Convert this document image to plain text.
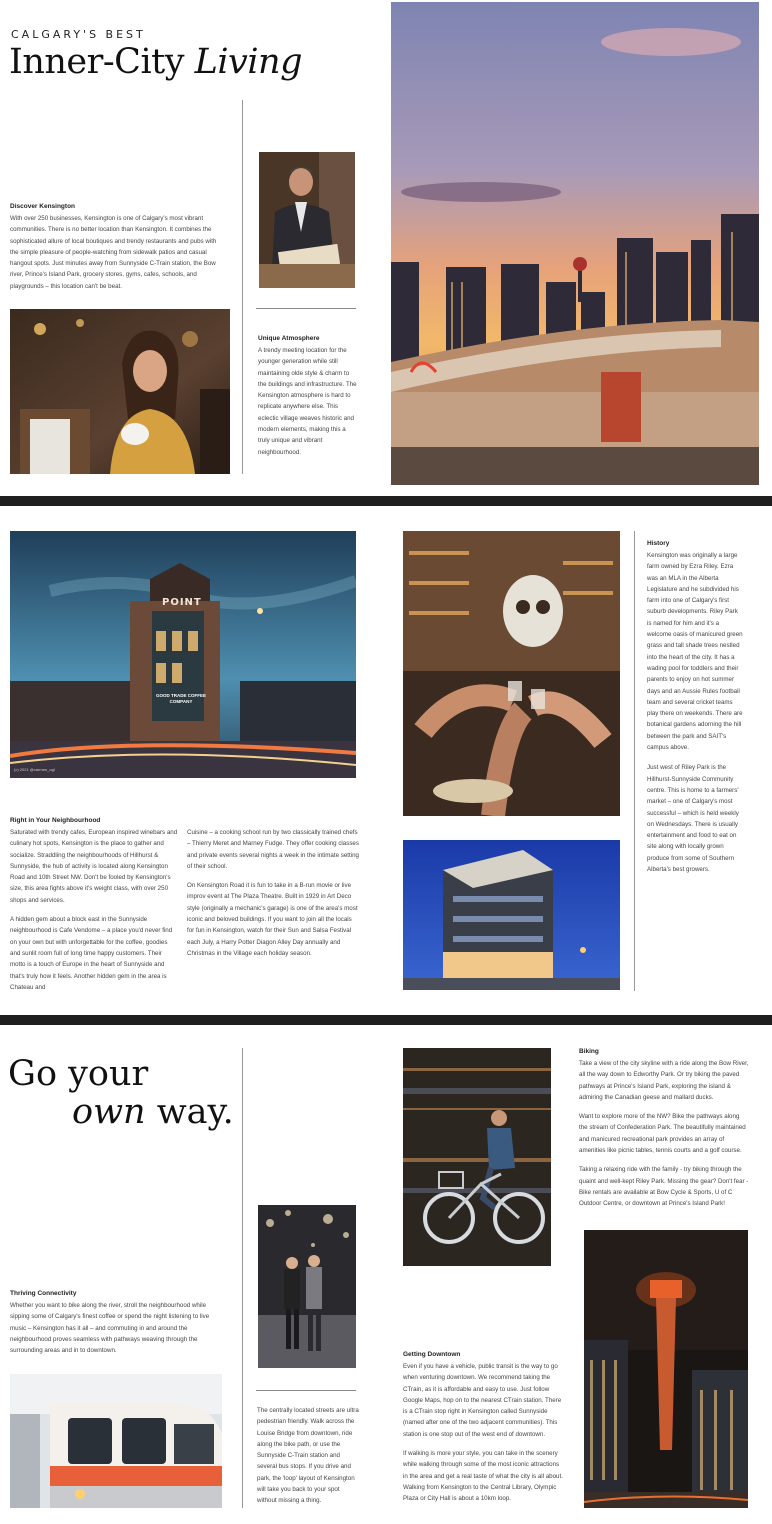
CALGARY'S BEST
Inner-City Living
Discover Kensington
With over 250 businesses, Kensington is one of Calgary's most vibrant communities. There is no better location than Kensington. It combines the sophisticated allure of local boutiques and trendy restaurants and pubs with the simple pleasure of people-watching from sidewalk patios and casual hangout spots. Just minutes away from Sunnyside C-Train station, the Bow river, Prince's Island Park, grocery stores, gyms, cafes, schools, and playgrounds – this location can't be beat.
Unique Atmosphere
A trendy meeting location for the younger generation while still maintaining olde style & charm to the buildings and infrastructure. The Kensington atmosphere is hard to replicate anywhere else. This eclectic village weaves historic and modern elements, making this a truly unique and vibrant neighbourhood.
POINT
GOOD TRADE COFFEE COMPANY
(c) 2021 @carmen_ogl
Right in Your Neighbourhood

Saturated with trendy cafes, European inspired winebars and culinary hot spots, Kensington is the place to gather and socialize. Straddling the neighbourhoods of Hillhurst & Sunnyside, the hub of activity is located along Kensington Road and 10th Street NW. Don't be fooled by Kensington's size, this area fights above it's weight class, with over 250 shops and services.

A hidden gem about a block east in the Sunnyside neighbourhood is Cafe Vendome – a place you'd never find on your own but with unforgettable for the coffee, goodies and sunlit room full of long time happy customers. Their motto is a touch of Europe in the heart of Sunnyside and that's truly how it feels. Another hidden gem in the area is Chateau and

Cuisine – a cooking school run by two classically trained chefs – Thierry Meret and Marney Fudge. They offer cooking classes and private events several nights a week in the intimate setting of their school.

On Kensington Road it is fun to take in a B-run movie or live improv event at The Plaza Theatre. Built in 1929 in Art Deco style (originally a mechanic's garage) is one of the area's most iconic and beloved buildings. If you want to join all the locals for fun in Kensington, watch for their Sun and Salsa Festival each July, a Harry Potter Diagon Alley Day annually and Christmas in the Village each holiday season.

History

Kensington was originally a large farm owned by Ezra Riley. Ezra was an MLA in the Alberta Legislature and he subdivided his farm into one of Calgary's first suburb developments. Riley Park is named for him and it's a welcome oasis of manicured green grass and tall shade trees nestled into the heart of the city. It has a wading pool for toddlers and their parents to enjoy on hot summer days and an Aussie Rules football team and several cricket teams play there on weekends. There are botanical gardens adorning the hill between the park and SAIT's campus above.

Just west of Riley Park is the Hillhurst-Sunnyside Community centre. This is home to a farmers' market – one of Calgary's most successful – which is held weekly on Wednesdays. There is usually entertainment and food to eat on site along with locally grown produce from some of Southern Alberta's best growers.

Go your
own way.
Thriving Connectivity
Whether you want to bike along the river, stroll the neighbourhood while sipping some of Calgary's finest coffee or spend the night listening to live music – Kensington has it all – and commuting in and around the neighbourhood proves seamless with pathways weaving through the surrounding areas and in to downtown.
The centrally located streets are ultra pedestrian friendly. Walk across the Louise Bridge from downtown, ride along the bike path, or use the Sunnyside C-Train station and several bus stops. If you drive and park, the 'loop' layout of Kensington will take you back to your spot without missing a thing.
Biking

Take a view of the city skyline with a ride along the Bow River, all the way down to Edworthy Park. Or try biking the paved pathways at Prince's Island Park, exploring the island & admiring the Canadian geese and mallard ducks.

Want to explore more of the NW? Bike the pathways along the stream of Confederation Park. The beautifully maintained and manicured recreational park provides an array of amenities like picnic tables, tennis courts and a golf course.

Taking a relaxing ride with the family - try biking through the quaint and well-kept Riley Park. Missing the gear? Don't fear - Bike rentals are available at Bow Cycle & Sports, U of C Outdoor Centre, or downtown at Prince's Island Park!

Getting Downtown

Even if you have a vehicle, public transit is the way to go when venturing downtown. We recommend taking the CTrain, as it is affordable and easy to use. Just follow Google Maps, hop on to the nearest CTrain station. There is a CTrain stop right in Kensington called Sunnyside (named after one of the two adjacent communities). This station is one stop out of the west end of downtown.

If walking is more your style, you can take in the scenery while walking through some of the most iconic attractions in the area and get a real taste of what the city is all about. Walking from Kensington to the Central Library, Olympic Plaza or City Hall is about a 10km loop.
